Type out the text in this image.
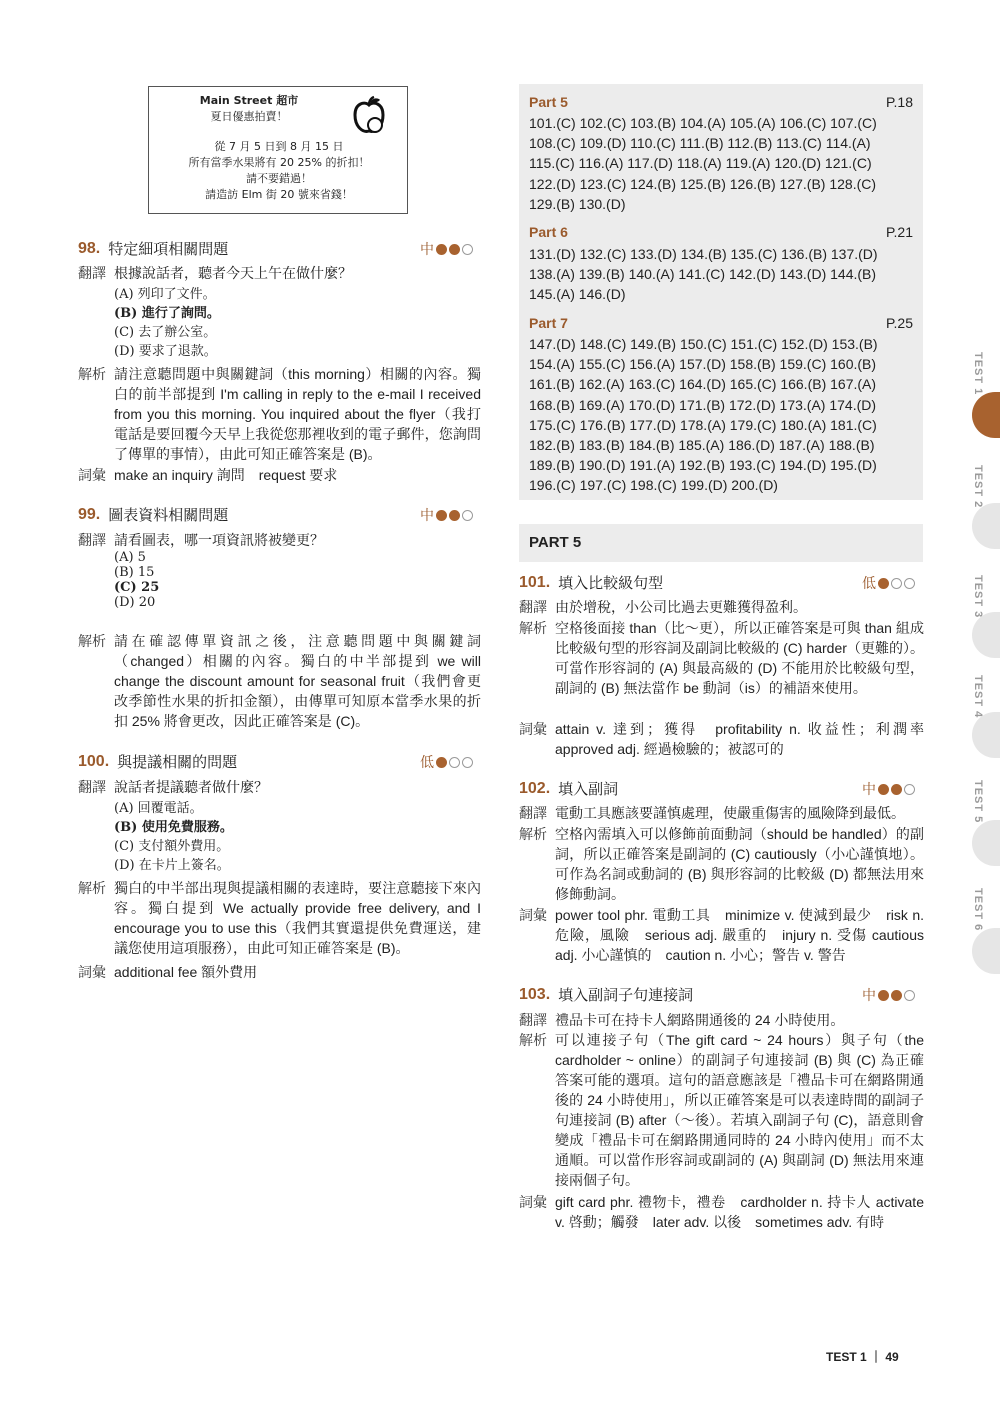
Main Street 超市
夏日優惠拍賣！
從 7 月 5 日到 8 月 15 日
所有當季水果將有 20 25% 的折扣！
請不要錯過！
請造訪 Elm 街 20 號來省錢！
98. 特定細項相關問題	中
翻譯 根據說話者，聽者今天上午在做什麼？
(A) 列印了文件。
(B) 進行了詢問。
(C) 去了辦公室。
(D) 要求了退款。
解析 請注意聽問題中與關鍵詞（this morning）相關的內容。獨白的前半部提到 I'm calling in reply to the e-mail I received from you this morning. You inquired about the flyer（我打電話是要回覆今天早上我從您那裡收到的電子郵件，您詢問了傳單的事情），由此可知正確答案是 (B)。
詞彙 make an inquiry 詢問　request 要求
99. 圖表資料相關問題	中
翻譯 請看圖表，哪一項資訊將被變更？
(A) 5
(B) 15
(C) 25
(D) 20
解析 請在確認傳單資訊之後，注意聽問題中與關鍵詞（changed）相關的內容。獨白的中半部提到 we will change the discount amount for seasonal fruit（我們會更改季節性水果的折扣金額），由傳單可知原本當季水果的折扣 25% 將會更改，因此正確答案是 (C)。
100. 與提議相關的問題	低
翻譯 說話者提議聽者做什麼？
(A) 回覆電話。
(B) 使用免費服務。
(C) 支付額外費用。
(D) 在卡片上簽名。
解析 獨白的中半部出現與提議相關的表達時，要注意聽接下來內容。獨白提到 We actually provide free delivery, and I encourage you to use this（我們其實還提供免費運送，建議您使用這項服務），由此可知正確答案是 (B)。
詞彙 additional fee 額外費用
Part 5	P.18
101.(C) 102.(C) 103.(B) 104.(A) 105.(A) 106.(C) 107.(C)
108.(C) 109.(D) 110.(C) 111.(B) 112.(B) 113.(C) 114.(A)
115.(C) 116.(A) 117.(D) 118.(A) 119.(A) 120.(D) 121.(C)
122.(D) 123.(C) 124.(B) 125.(B) 126.(B) 127.(B) 128.(C)
129.(B) 130.(D)
Part 6	P.21
131.(D) 132.(C) 133.(D) 134.(B) 135.(C) 136.(B) 137.(D)
138.(A) 139.(B) 140.(A) 141.(C) 142.(D) 143.(D) 144.(B)
145.(A) 146.(D)
Part 7	P.25
147.(D) 148.(C) 149.(B) 150.(C) 151.(C) 152.(D) 153.(B)
154.(A) 155.(C) 156.(A) 157.(D) 158.(B) 159.(C) 160.(B)
161.(B) 162.(A) 163.(C) 164.(D) 165.(C) 166.(B) 167.(A)
168.(B) 169.(A) 170.(D) 171.(B) 172.(D) 173.(A) 174.(D)
175.(C) 176.(B) 177.(D) 178.(A) 179.(C) 180.(A) 181.(C)
182.(B) 183.(B) 184.(B) 185.(A) 186.(D) 187.(A) 188.(B)
189.(B) 190.(D) 191.(A) 192.(B) 193.(C) 194.(D) 195.(D)
196.(C) 197.(C) 198.(C) 199.(D) 200.(D)
PART 5
101. 填入比較級句型	低
翻譯 由於增稅，小公司比過去更難獲得盈利。
解析 空格後面接 than（比～更），所以正確答案是可與 than 組成比較級句型的形容詞及副詞比較級的 (C) harder（更難的）。可當作形容詞的 (A) 與最高級的 (D) 不能用於比較級句型，副詞的 (B) 無法當作 be 動詞（is）的補語來使用。
詞彙 attain v. 達到；獲得　profitability n. 收益性；利潤率 approved adj. 經過檢驗的；被認可的
102. 填入副詞	中
翻譯 電動工具應該要謹慎處理，使嚴重傷害的風險降到最低。
解析 空格內需填入可以修飾前面動詞（should be handled）的副詞，所以正確答案是副詞的 (C) cautiously（小心謹慎地）。可作為名詞或動詞的 (B) 與形容詞的比較級 (D) 都無法用來修飾動詞。
詞彙 power tool phr. 電動工具　minimize v. 使減到最少　risk n. 危險，風險　serious adj. 嚴重的　injury n. 受傷 cautious adj. 小心謹慎的　caution n. 小心；警告 v. 警告
103. 填入副詞子句連接詞	中
翻譯 禮品卡可在持卡人網路開通後的 24 小時使用。
解析 可以連接子句（The gift card ~ 24 hours）與子句（the cardholder ~ online）的副詞子句連接詞 (B) 與 (C) 為正確答案可能的選項。這句的語意應該是「禮品卡可在網路開通後的 24 小時使用」，所以正確答案是可以表達時間的副詞子句連接詞 (B) after（～後）。若填入副詞子句 (C)，語意則會變成「禮品卡可在網路開通同時的 24 小時內使用」而不太通順。可以當作形容詞或副詞的 (A) 與副詞 (D) 無法用來連接兩個子句。
詞彙 gift card phr. 禮物卡，禮卷　cardholder n. 持卡人 activate v. 啓動；觸發　later adv. 以後　sometimes adv. 有時
TEST 1
TEST 2
TEST 3
TEST 4
TEST 5
TEST 6
TEST 1 ｜ 49
